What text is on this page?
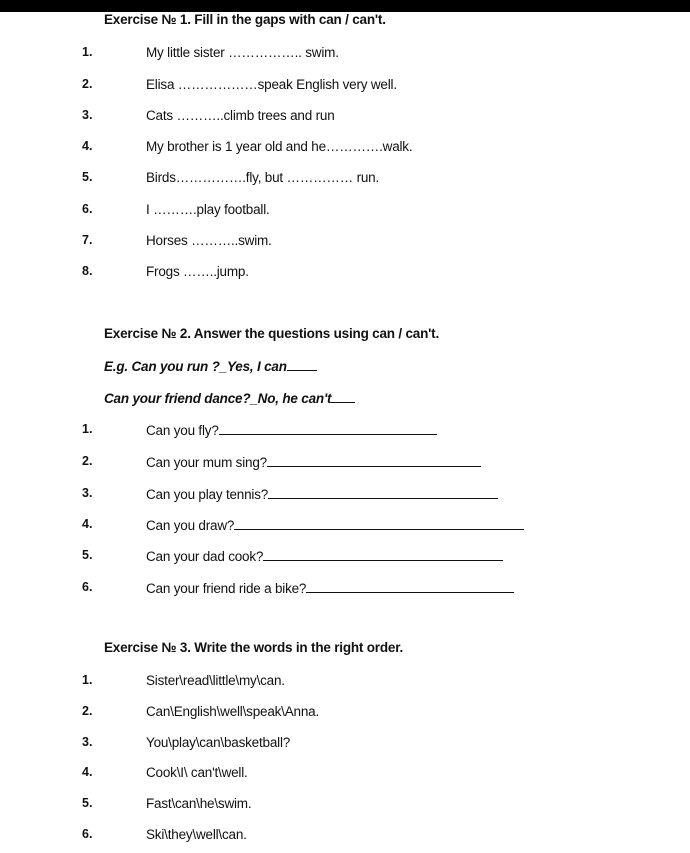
Exercise № 1. Fill in the gaps with can / can't.
1.	My little sister …………….. swim.
2.	Elisa ………………speak English very well.
3.	Cats ………..climb trees and run
4.	My brother is 1 year old and he………….walk.
5.	Birds…………….fly, but …………… run.
6.	I ……….play football.
7.	Horses ………..swim.
8.	Frogs ……..jump.
Exercise № 2. Answer the questions using can / can't.
E.g. Can you run ?_Yes, I can
Can your friend dance?_No, he can't
1.	Can you fly?
2.	Can your mum sing?
3.	Can you play tennis?
4.	Can you draw?
5.	Can your dad cook?
6.	Can your friend ride a bike?
Exercise № 3. Write the words in the right order.
1.	Sister\read\little\my\can.
2.	Can\English\well\speak\Anna.
3.	You\play\can\basketball?
4.	Cook\I\ can't\well.
5.	Fast\can\he\swim.
6.	Ski\they\well\can.
